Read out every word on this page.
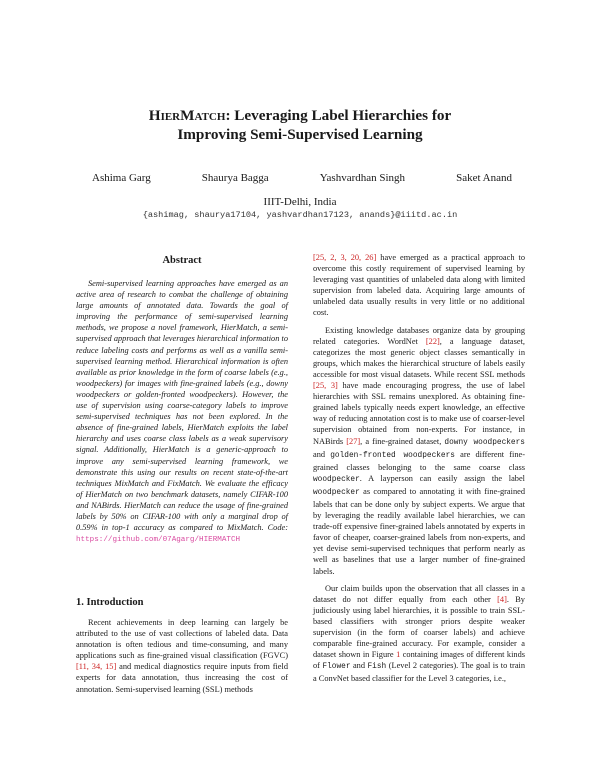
HierMatch: Leveraging Label Hierarchies for
Improving Semi-Supervised Learning
Ashima Garg	Shaurya Bagga	Yashvardhan Singh	Saket Anand
IIIT-Delhi, India
{ashimag, shaurya17104, yashvardhan17123, anands}@iiitd.ac.in
Abstract

Semi-supervised learning approaches have emerged as an active area of research to combat the challenge of obtaining large amounts of annotated data. Towards the goal of improving the performance of semi-supervised learning methods, we propose a novel framework, HierMatch, a semi-supervised approach that leverages hierarchical information to reduce labeling costs and performs as well as a vanilla semi-supervised learning method. Hierarchical information is often available as prior knowledge in the form of coarse labels (e.g., woodpeckers) for images with fine-grained labels (e.g., downy woodpeckers or golden-fronted woodpeckers). However, the use of supervision using coarse-category labels to improve semi-supervised techniques has not been explored. In the absence of fine-grained labels, HierMatch exploits the label hierarchy and uses coarse class labels as a weak supervisory signal. Additionally, HierMatch is a generic-approach to improve any semi-supervised learning framework, we demonstrate this using our results on recent state-of-the-art techniques MixMatch and FixMatch. We evaluate the efficacy of HierMatch on two benchmark datasets, namely CIFAR-100 and NABirds. HierMatch can reduce the usage of fine-grained labels by 50% on CIFAR-100 with only a marginal drop of 0.59% in top-1 accuracy as compared to MixMatch. Code: https://github.com/07Agarg/HIERMATCH

1. Introduction

Recent achievements in deep learning can largely be attributed to the use of vast collections of labeled data. Data annotation is often tedious and time-consuming, and many applications such as fine-grained visual classification (FGVC) [11, 34, 15] and medical diagnostics require inputs from field experts for data annotation, thus increasing the cost of annotation. Semi-supervised learning (SSL) methods

[25, 2, 3, 20, 26] have emerged as a practical approach to overcome this costly requirement of supervised learning by leveraging vast quantities of unlabeled data along with limited supervision from labeled data. Acquiring large amounts of unlabeled data usually results in very little or no additional cost.

Existing knowledge databases organize data by grouping related categories. WordNet [22], a language dataset, categorizes the most generic object classes semantically in groups, which makes the hierarchical structure of labels easily accessible for most visual datasets. While recent SSL methods [25, 3] have made encouraging progress, the use of label hierarchies with SSL remains unexplored. As obtaining fine-grained labels typically needs expert knowledge, an effective way of reducing annotation cost is to make use of coarser-level supervision obtained from non-experts. For instance, in NABirds [27], a fine-grained dataset, downy woodpeckers and golden-fronted woodpeckers are different fine-grained classes belonging to the same coarse class woodpecker. A layperson can easily assign the label woodpecker as compared to annotating it with fine-grained labels that can be done only by subject experts. We argue that by leveraging the readily available label hierarchies, we can trade-off expensive finer-grained labels annotated by experts in favor of cheaper, coarser-grained labels from non-experts, and yet devise semi-supervised techniques that perform nearly as well as baselines that use a larger number of fine-grained labels.

Our claim builds upon the observation that all classes in a dataset do not differ equally from each other [4]. By judiciously using label hierarchies, it is possible to train SSL-based classifiers with stronger priors despite weaker supervision (in the form of coarser labels) and achieve comparable fine-grained accuracy. For example, consider a dataset shown in Figure 1 containing images of different kinds of Flower and Fish (Level 2 categories). The goal is to train a ConvNet based classifier for the Level 3 categories, i.e.,
